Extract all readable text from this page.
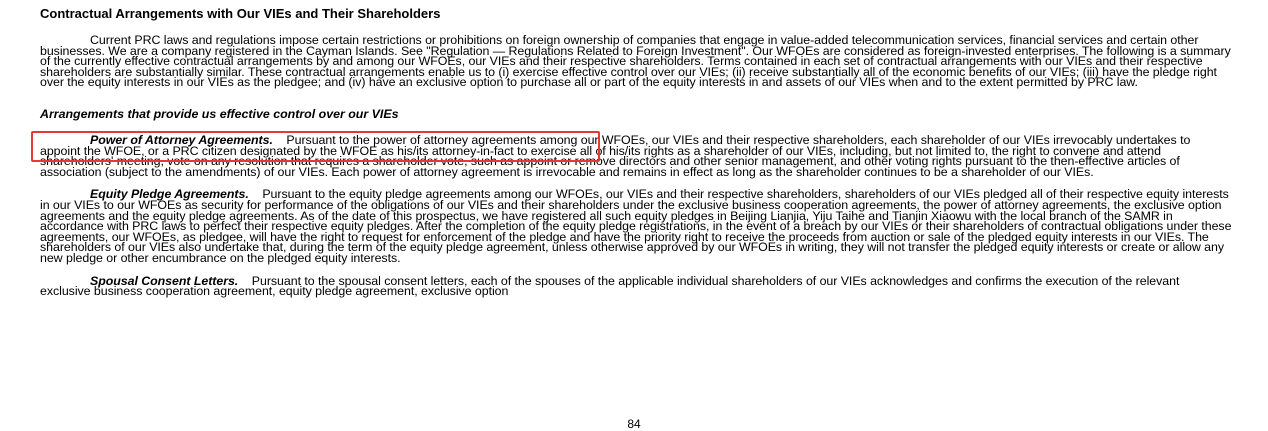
Contractual Arrangements with Our VIEs and Their Shareholders

Current PRC laws and regulations impose certain restrictions or prohibitions on foreign ownership of companies that engage in value-added telecommunication services, financial services and certain other businesses. We are a company registered in the Cayman Islands. See "Regulation — Regulations Related to Foreign Investment". Our WFOEs are considered as foreign-invested enterprises. The following is a summary of the currently effective contractual arrangements by and among our WFOEs, our VIEs and their respective shareholders. Terms contained in each set of contractual arrangements with our VIEs and their respective shareholders are substantially similar. These contractual arrangements enable us to (i) exercise effective control over our VIEs; (ii) receive substantially all of the economic benefits of our VIEs; (iii) have the pledge right over the equity interests in our VIEs as the pledgee; and (iv) have an exclusive option to purchase all or part of the equity interests in and assets of our VIEs when and to the extent permitted by PRC law.

Arrangements that provide us effective control over our VIEs

Power of Attorney Agreements. Pursuant to the power of attorney agreements among our WFOEs, our VIEs and their respective shareholders, each shareholder of our VIEs irrevocably undertakes to appoint the WFOE, or a PRC citizen designated by the WFOE as his/its attorney-in-fact to exercise all of his/its rights as a shareholder of our VIEs, including, but not limited to, the right to convene and attend shareholders' meeting, vote on any resolution that requires a shareholder vote, such as appoint or remove directors and other senior management, and other voting rights pursuant to the then-effective articles of association (subject to the amendments) of our VIEs. Each power of attorney agreement is irrevocable and remains in effect as long as the shareholder continues to be a shareholder of our VIEs.

Equity Pledge Agreements. Pursuant to the equity pledge agreements among our WFOEs, our VIEs and their respective shareholders, shareholders of our VIEs pledged all of their respective equity interests in our VIEs to our WFOEs as security for performance of the obligations of our VIEs and their shareholders under the exclusive business cooperation agreements, the power of attorney agreements, the exclusive option agreements and the equity pledge agreements. As of the date of this prospectus, we have registered all such equity pledges in Beijing Lianjia, Yiju Taihe and Tianjin Xiaowu with the local branch of the SAMR in accordance with PRC laws to perfect their respective equity pledges. After the completion of the equity pledge registrations, in the event of a breach by our VIEs or their shareholders of contractual obligations under these agreements, our WFOEs, as pledgee, will have the right to request for enforcement of the pledge and have the priority right to receive the proceeds from auction or sale of the pledged equity interests in our VIEs. The shareholders of our VIEs also undertake that, during the term of the equity pledge agreement, unless otherwise approved by our WFOEs in writing, they will not transfer the pledged equity interests or create or allow any new pledge or other encumbrance on the pledged equity interests.

Spousal Consent Letters. Pursuant to the spousal consent letters, each of the spouses of the applicable individual shareholders of our VIEs acknowledges and confirms the execution of the relevant exclusive business cooperation agreement, equity pledge agreement, exclusive option

84
